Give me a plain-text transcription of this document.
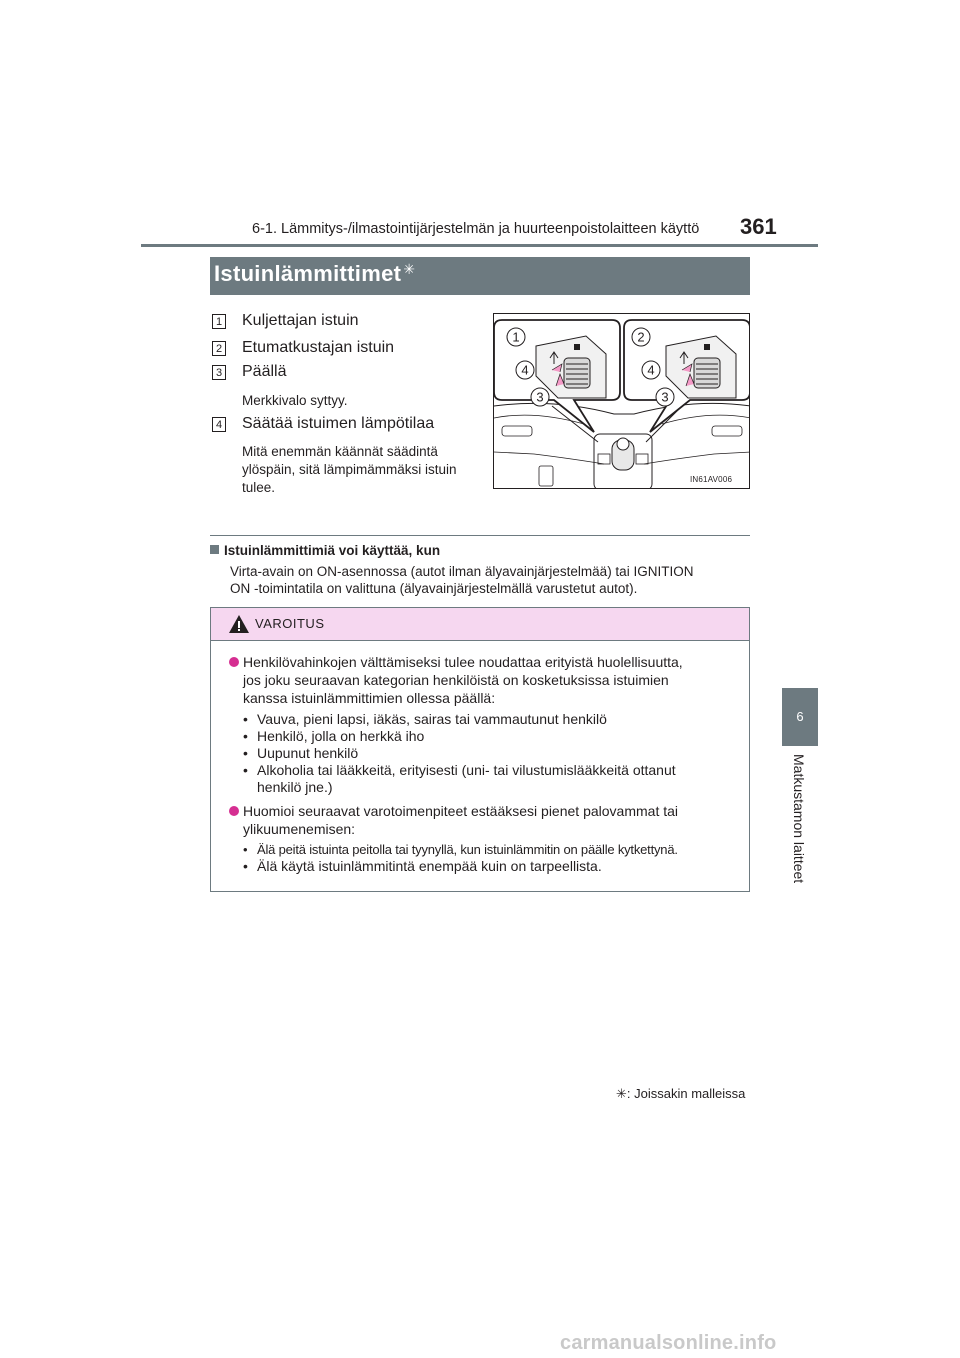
6-1. Lämmitys-/ilmastointijärjestelmän ja huurteenpoistolaitteen käyttö 361
6
Matkustamon laitteet
Istuinlämmittimet ✳
1 Kuljettajan istuin
2 Etumatkustajan istuin
3 Päällä
Merkkivalo syttyy.
4 Säätää istuimen lämpötilaa
Mitä enemmän käännät säädintä
ylöspäin, sitä lämpimämmäksi istuin
tulee.
1	2
3
4
3
4
IN61AV006
Istuinlämmittimiä voi käyttää, kun
Virta-avain on ON-asennossa (autot ilman älyavainjärjestelmää) tai IGNITION
ON -toimintatila on valittuna (älyavainjärjestelmällä varustetut autot).
VAROITUS
Henkilövahinkojen välttämiseksi tulee noudattaa erityistä huolellisuutta,
jos joku seuraavan kategorian henkilöistä on kosketuksissa istuimien
kanssa istuinlämmittimien ollessa päällä:
• Vauva, pieni lapsi, iäkäs, sairas tai vammautunut henkilö
• Henkilö, jolla on herkkä iho
• Uupunut henkilö
• Alkoholia tai lääkkeitä, erityisesti (uni- tai vilustumislääkkeitä ottanut
henkilö jne.)
Huomioi seuraavat varotoimenpiteet estääksesi pienet palovammat tai
ylikuumenemisen:
• Älä peitä istuinta peitolla tai tyynyllä, kun istuinlämmitin on päälle kytkettynä.
• Älä käytä istuinlämmitintä enempää kuin on tarpeellista.
✳: Joissakin malleissa
carmanualsonline.info
